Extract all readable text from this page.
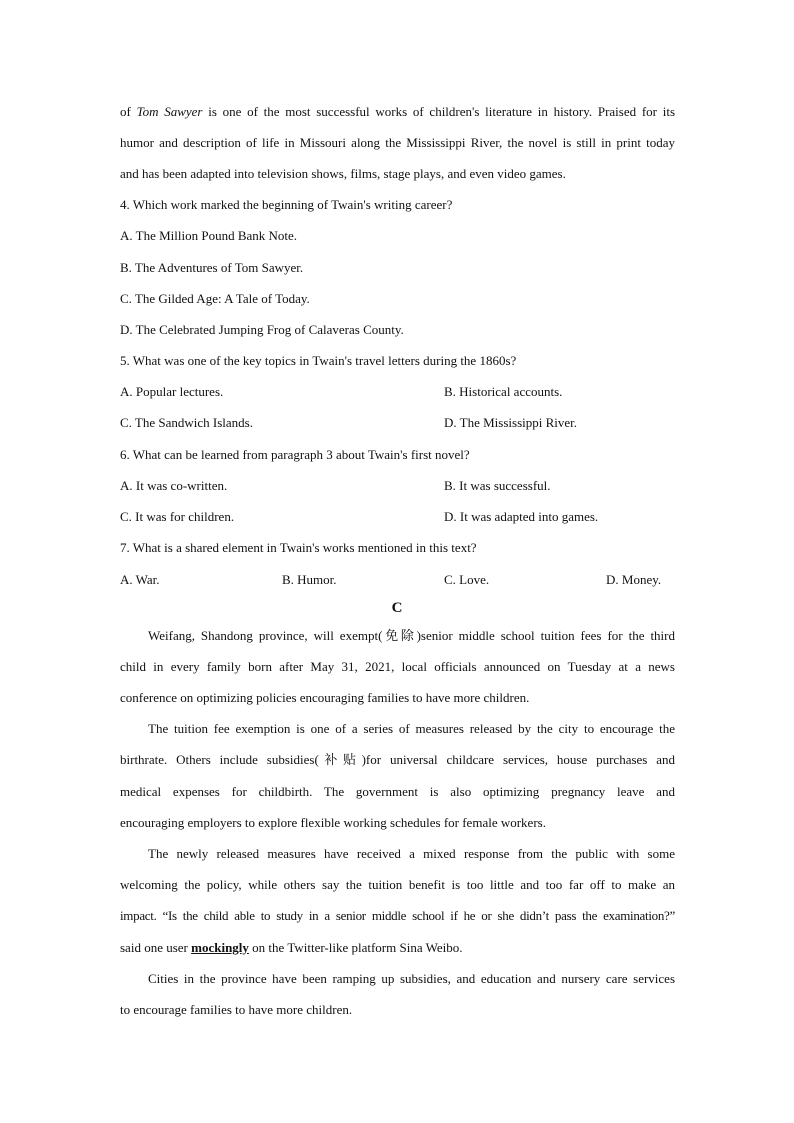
of Tom Sawyer is one of the most successful works of children's literature in history. Praised for its
humor and description of life in Missouri along the Mississippi River, the novel is still in print today
and has been adapted into television shows, films, stage plays, and even video games.
4. Which work marked the beginning of Twain's writing career?
A. The Million Pound Bank Note.
B. The Adventures of Tom Sawyer.
C. The Gilded Age: A Tale of Today.
D. The Celebrated Jumping Frog of Calaveras County.
5. What was one of the key topics in Twain's travel letters during the 1860s?
A. Popular lectures.	B. Historical accounts.
C. The Sandwich Islands.	D. The Mississippi River.
6. What can be learned from paragraph 3 about Twain's first novel?
A. It was co-written.	B. It was successful.
C. It was for children.	D. It was adapted into games.
7. What is a shared element in Twain's works mentioned in this text?
A. War.	B. Humor.	C. Love.	D. Money.
C
Weifang, Shandong province, will exempt(免除)senior middle school tuition fees for the third
child in every family born after May 31, 2021, local officials announced on Tuesday at a news
conference on optimizing policies encouraging families to have more children.
The tuition fee exemption is one of a series of measures released by the city to encourage the
birthrate. Others include subsidies(补贴)for universal childcare services, house purchases and
medical expenses for childbirth. The government is also optimizing pregnancy leave and
encouraging employers to explore flexible working schedules for female workers.
The newly released measures have received a mixed response from the public with some
welcoming the policy, while others say the tuition benefit is too little and too far off to make an
impact. “Is the child able to study in a senior middle school if he or she didn’t pass the examination?”
said one user mockingly on the Twitter-like platform Sina Weibo.
Cities in the province have been ramping up subsidies, and education and nursery care services
to encourage families to have more children.
